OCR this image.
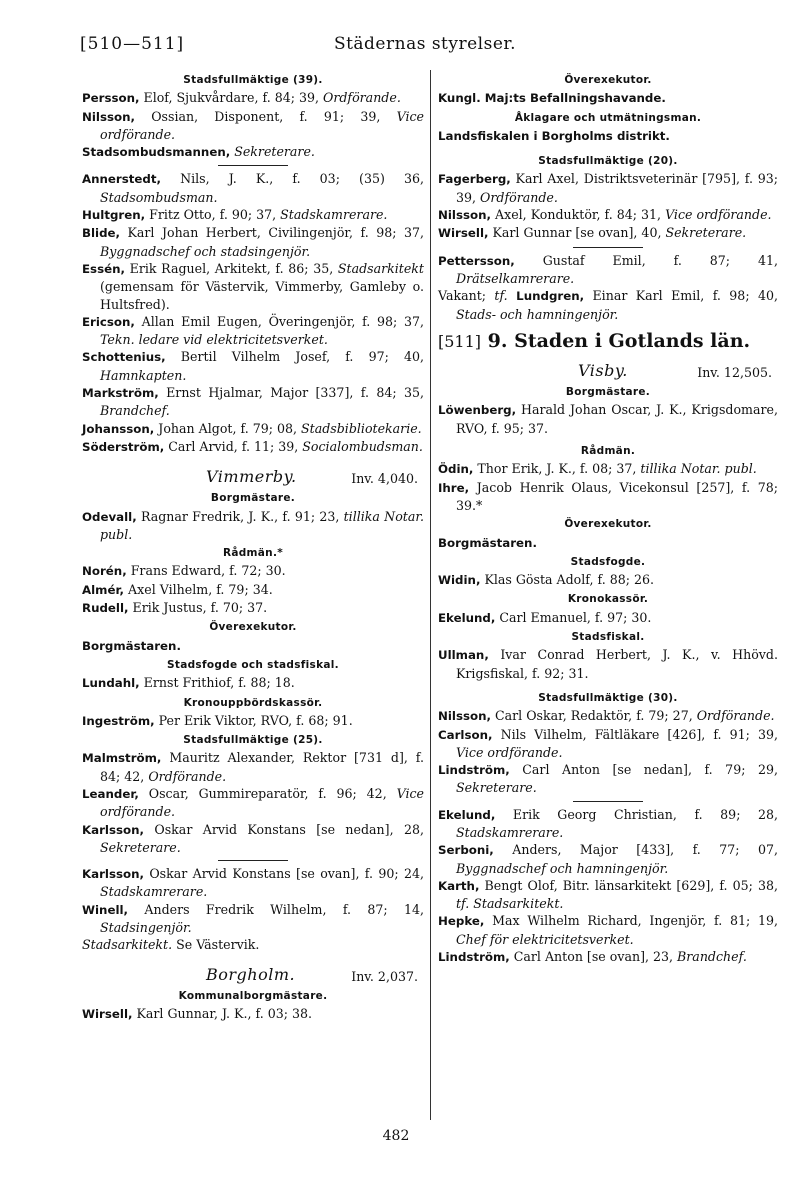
[510—511]	Städernas styrelser.
Stadsfullmäktige (39).
Persson, Elof, Sjukvårdare, f. 84; 39, Ordförande.
Nilsson, Ossian, Disponent, f. 91; 39, Vice ordförande.
Stadsombudsmannen, Sekreterare.
Annerstedt, Nils, J. K., f. 03; (35) 36, Stadsombudsman.
Hultgren, Fritz Otto, f. 90; 37, Stadskamrerare.
Blide, Karl Johan Herbert, Civilingenjör, f. 98; 37, Byggnadschef och stadsingenjör.
Essén, Erik Raguel, Arkitekt, f. 86; 35, Stadsarkitekt (gemensam för Västervik, Vimmerby, Gamleby o. Hultsfred).
Ericson, Allan Emil Eugen, Överingenjör, f. 98; 37, Tekn. ledare vid elektricitetsverket.
Schottenius, Bertil Vilhelm Josef, f. 97; 40, Hamnkapten.
Markström, Ernst Hjalmar, Major [337], f. 84; 35, Brandchef.
Johansson, Johan Algot, f. 79; 08, Stadsbibliotekarie.
Söderström, Carl Arvid, f. 11; 39, Socialombudsman.
Vimmerby.	Inv. 4,040.
Borgmästare.
Odevall, Ragnar Fredrik, J. K., f. 91; 23, tillika Notar. publ.
Rådmän.*
Norén, Frans Edward, f. 72; 30.
Almér, Axel Vilhelm, f. 79; 34.
Rudell, Erik Justus, f. 70; 37.
Överexekutor.
Borgmästaren.
Stadsfogde och stadsfiskal.
Lundahl, Ernst Frithiof, f. 88; 18.
Kronouppbördskassör.
Ingeström, Per Erik Viktor, RVO, f. 68; 91.
Stadsfullmäktige (25).
Malmström, Mauritz Alexander, Rektor [731 d], f. 84; 42, Ordförande.
Leander, Oscar, Gummireparatör, f. 96; 42, Vice ordförande.
Karlsson, Oskar Arvid Konstans [se nedan], 28, Sekreterare.
Karlsson, Oskar Arvid Konstans [se ovan], f. 90; 24, Stadskamrerare.
Winell, Anders Fredrik Wilhelm, f. 87; 14, Stadsingenjör.
Stadsarkitekt. Se Västervik.
Borgholm.	Inv. 2,037.
Kommunalborgmästare.
Wirsell, Karl Gunnar, J. K., f. 03; 38.
Överexekutor.
Kungl. Maj:ts Befallningshavande.
Åklagare och utmätningsman.
Landsfiskalen i Borgholms distrikt.
Stadsfullmäktige (20).
Fagerberg, Karl Axel, Distriktsveterinär [795], f. 93; 39, Ordförande.
Nilsson, Axel, Konduktör, f. 84; 31, Vice ordförande.
Wirsell, Karl Gunnar [se ovan], 40, Sekreterare.
Pettersson, Gustaf Emil, f. 87; 41, Drätselkamrerare.
Vakant; tf. Lundgren, Einar Karl Emil, f. 98; 40, Stads- och hamningenjör.
[511] 9. Staden i Gotlands län.
Visby.	Inv. 12,505.
Borgmästare.
Löwenberg, Harald Johan Oscar, J. K., Krigsdomare, RVO, f. 95; 37.
Rådmän.
Ödin, Thor Erik, J. K., f. 08; 37, tillika Notar. publ.
Ihre, Jacob Henrik Olaus, Vicekonsul [257], f. 78; 39.*
Överexekutor.
Borgmästaren.
Stadsfogde.
Widin, Klas Gösta Adolf, f. 88; 26.
Kronokassör.
Ekelund, Carl Emanuel, f. 97; 30.
Stadsfiskal.
Ullman, Ivar Conrad Herbert, J. K., v. Hhövd. Krigsfiskal, f. 92; 31.
Stadsfullmäktige (30).
Nilsson, Carl Oskar, Redaktör, f. 79; 27, Ordförande.
Carlson, Nils Vilhelm, Fältläkare [426], f. 91; 39, Vice ordförande.
Lindström, Carl Anton [se nedan], f. 79; 29, Sekreterare.
Ekelund, Erik Georg Christian, f. 89; 28, Stadskamrerare.
Serboni, Anders, Major [433], f. 77; 07, Byggnadschef och hamningenjör.
Karth, Bengt Olof, Bitr. länsarkitekt [629], f. 05; 38, tf. Stadsarkitekt.
Hepke, Max Wilhelm Richard, Ingenjör, f. 81; 19, Chef för elektricitetsverket.
Lindström, Carl Anton [se ovan], 23, Brandchef.
482
